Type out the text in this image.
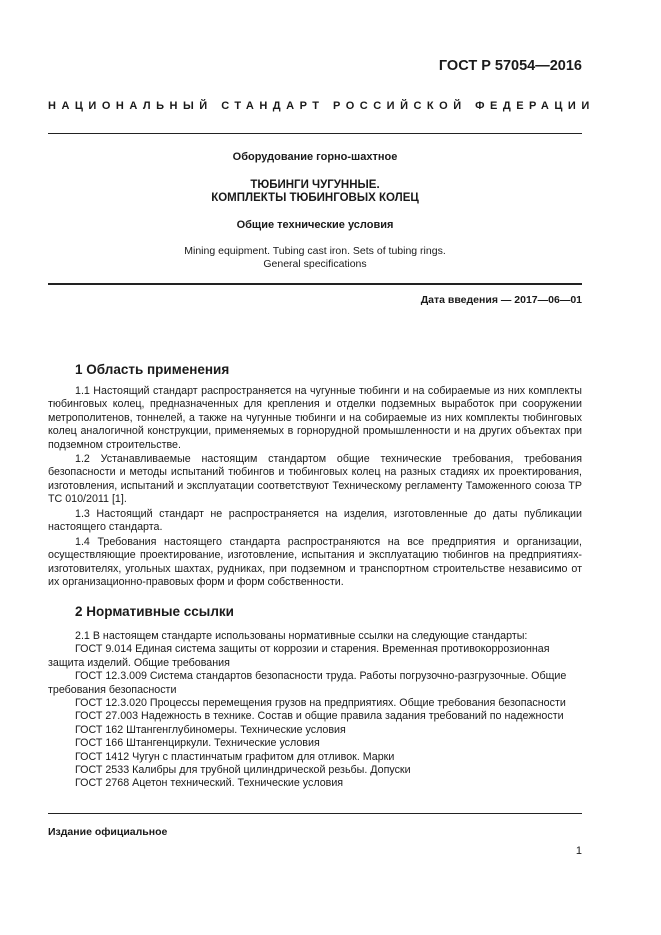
ГОСТ Р 57054—2016
НАЦИОНАЛЬНЫЙ СТАНДАРТ РОССИЙСКОЙ ФЕДЕРАЦИИ
Оборудование горно-шахтное
ТЮБИНГИ ЧУГУННЫЕ.
КОМПЛЕКТЫ ТЮБИНГОВЫХ КОЛЕЦ
Общие технические условия
Mining equipment. Tubing cast iron. Sets of tubing rings.
General specifications
Дата введения — 2017—06—01
1 Область применения

1.1 Настоящий стандарт распространяется на чугунные тюбинги и на собираемые из них комплекты тюбинговых колец, предназначенных для крепления и отделки подземных выработок при сооружении метрополитенов, тоннелей, а также на чугунные тюбинги и на собираемые из них комплекты тюбинговых колец аналогичной конструкции, применяемых в горнорудной промышленности и на других объектах при подземном строительстве.

1.2 Устанавливаемые настоящим стандартом общие технические требования, требования безопасности и методы испытаний тюбингов и тюбинговых колец на разных стадиях их проектирования, изготовления, испытаний и эксплуатации соответствуют Техническому регламенту Таможенного союза ТР ТС 010/2011 [1].

1.3 Настоящий стандарт не распространяется на изделия, изготовленные до даты публикации настоящего стандарта.

1.4 Требования настоящего стандарта распространяются на все предприятия и организации, осуществляющие проектирование, изготовление, испытания и эксплуатацию тюбингов на предприятиях-изготовителях, угольных шахтах, рудниках, при подземном и транспортном строительстве независимо от их организационно-правовых форм и форм собственности.

2 Нормативные ссылки

2.1 В настоящем стандарте использованы нормативные ссылки на следующие стандарты:

ГОСТ 9.014 Единая система защиты от коррозии и старения. Временная противокоррозионная защита изделий. Общие требования

ГОСТ 12.3.009 Система стандартов безопасности труда. Работы погрузочно-разгрузочные. Общие требования безопасности

ГОСТ 12.3.020 Процессы перемещения грузов на предприятиях. Общие требования безопасности

ГОСТ 27.003 Надежность в технике. Состав и общие правила задания требований по надежности

ГОСТ 162 Штангенглубиномеры. Технические условия

ГОСТ 166 Штангенциркули. Технические условия

ГОСТ 1412 Чугун с пластинчатым графитом для отливок. Марки

ГОСТ 2533 Калибры для трубной цилиндрической резьбы. Допуски

ГОСТ 2768 Ацетон технический. Технические условия

Издание официальное
1
